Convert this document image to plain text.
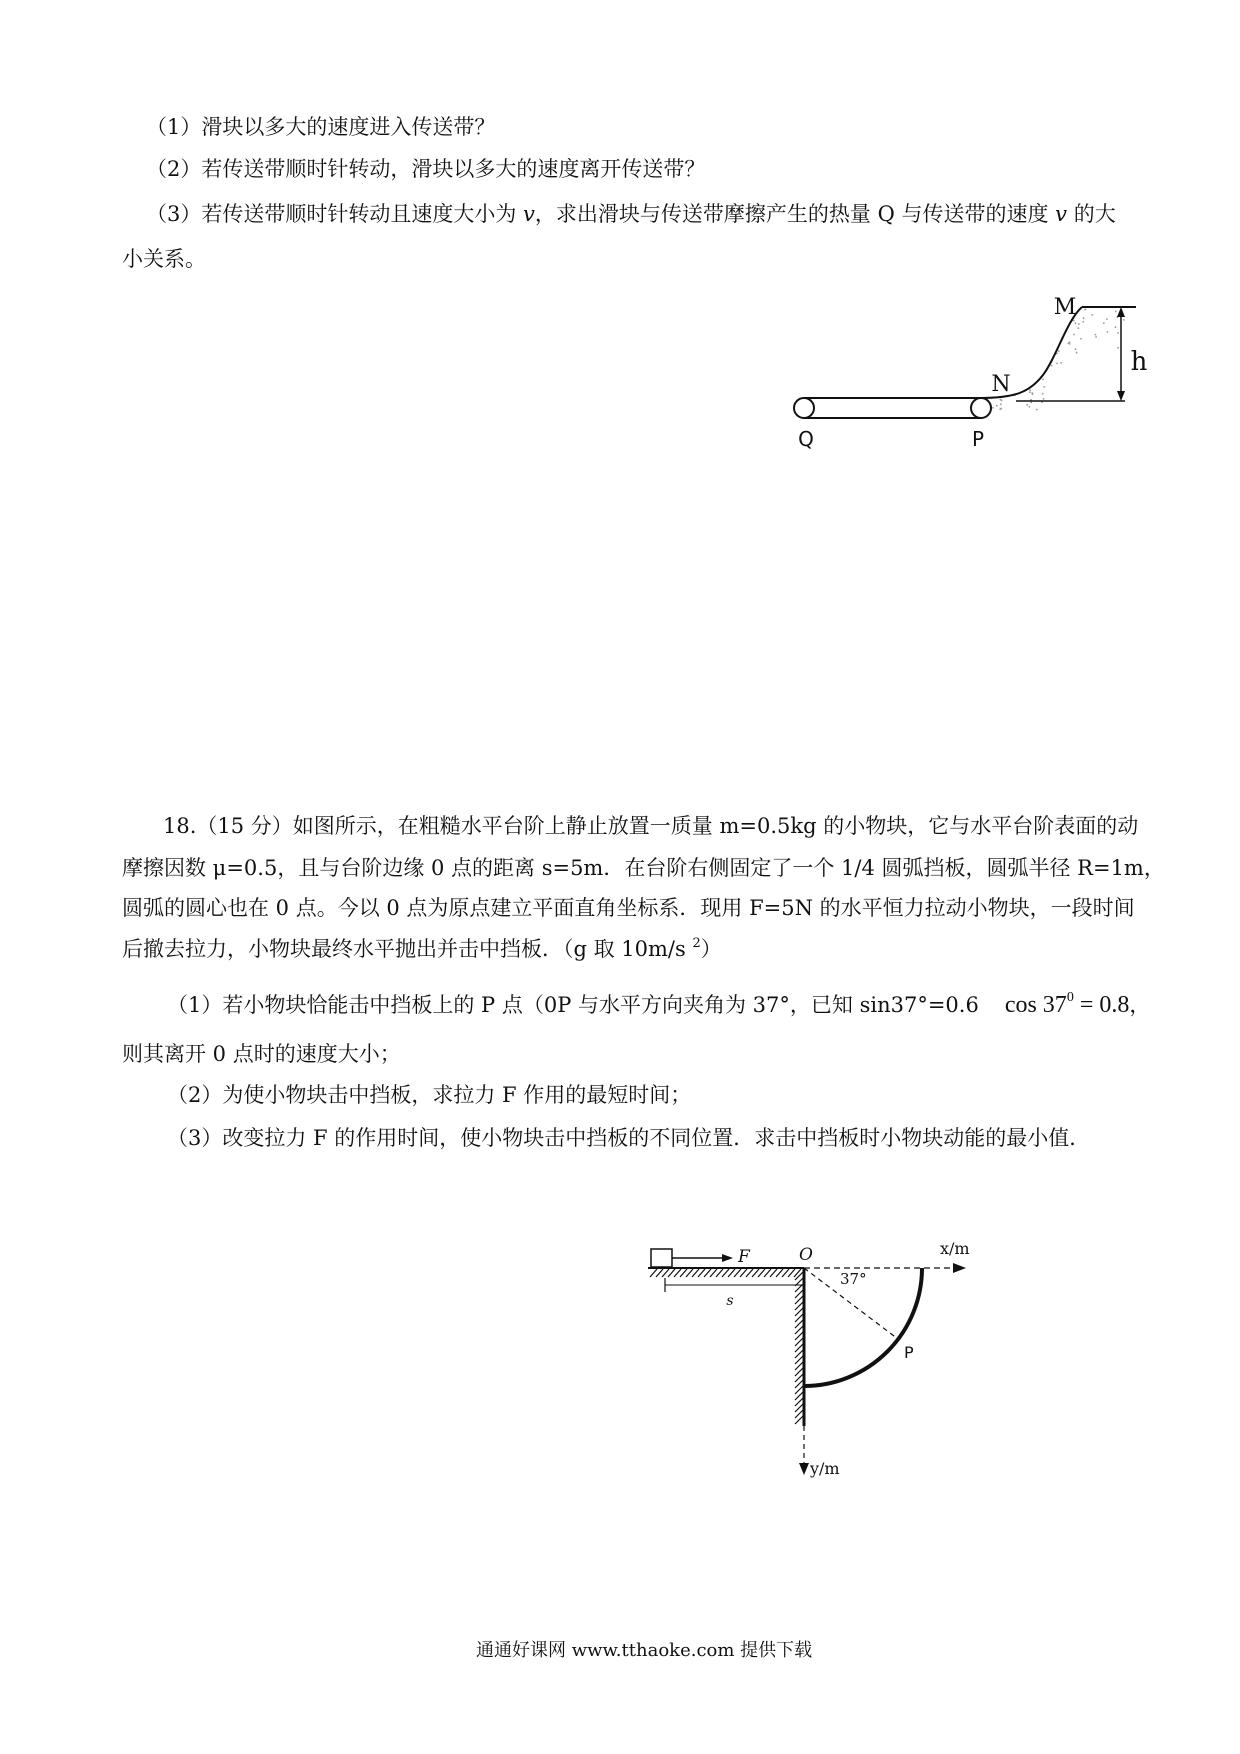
（1）滑块以多大的速度进入传送带？
（2）若传送带顺时针转动，滑块以多大的速度离开传送带？
（3）若传送带顺时针转动且速度大小为 v，求出滑块与传送带摩擦产生的热量 Q 与传送带的速度 v 的大
小关系。
M
N
h
Q	P
18.（15 分）如图所示，在粗糙水平台阶上静止放置一质量 m=0.5kg 的小物块，它与水平台阶表面的动
摩擦因数 μ=0.5，且与台阶边缘 0 点的距离 s=5m．在台阶右侧固定了一个 1/4 圆弧挡板，圆弧半径 R=1m，
圆弧的圆心也在 0 点。今以 0 点为原点建立平面直角坐标系．现用 F=5N 的水平恒力拉动小物块，一段时间
后撤去拉力，小物块最终水平抛出并击中挡板．（g 取 10m/s $^2$）
（1）若小物块恰能击中挡板上的 P 点（0P 与水平方向夹角为 37°，已知 sin37°=0.6 $\cos 37^0 = 0.8$，
则其离开 0 点时的速度大小；
（2）为使小物块击中挡板，求拉力 F 作用的最短时间；
（3）改变拉力 F 的作用时间，使小物块击中挡板的不同位置．求击中挡板时小物块动能的最小值．
F	O
s
x/m
y/m
37°
P
通通好课网 www.tthaoke.com 提供下载
